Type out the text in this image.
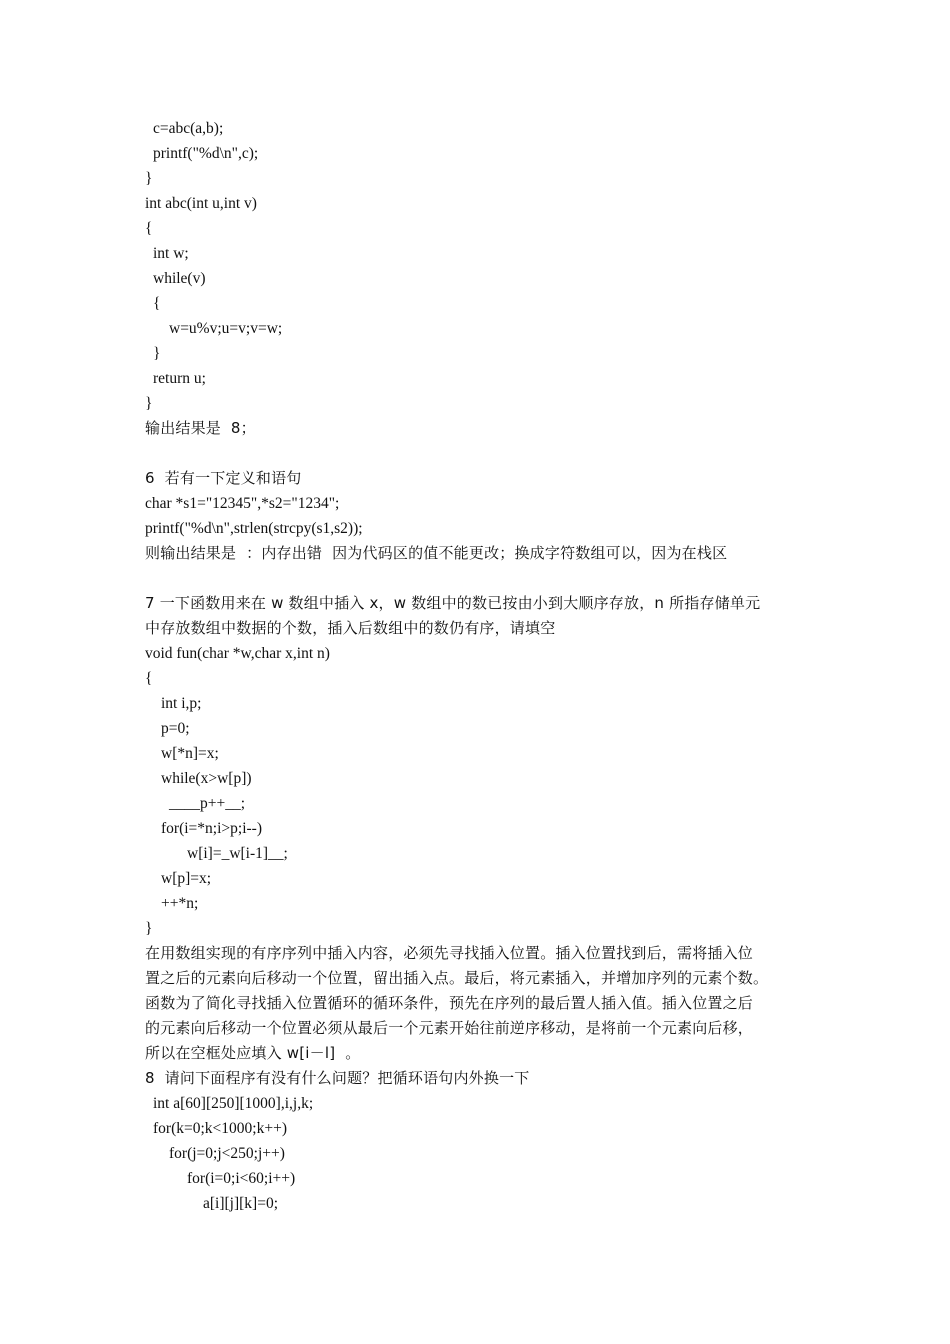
c=abc(a,b);
printf("%d\n",c);
}
int abc(int u,int v)
{
int w;
while(v)
{
w=u%v;u=v;v=w;
}
return u;
}
输出结果是  8；
6  若有一下定义和语句
char *s1="12345",*s2="1234";
printf("%d\n",strlen(strcpy(s1,s2));
则输出结果是  ：内存出错  因为代码区的值不能更改；换成字符数组可以，因为在栈区
7 一下函数用来在 w 数组中插入 x，w 数组中的数已按由小到大顺序存放，n 所指存储单元
中存放数组中数据的个数，插入后数组中的数仍有序，请填空
void fun(char *w,char x,int n)
{
int i,p;
p=0;
w[*n]=x;
while(x>w[p])
____p++__;
for(i=*n;i>p;i--)
w[i]=_w[i-1]__;
w[p]=x;
++*n;
}
在用数组实现的有序序列中插入内容，必须先寻找插入位置。插入位置找到后，需将插入位
置之后的元素向后移动一个位置，留出插入点。最后，将元素插入，并增加序列的元素个数。
函数为了简化寻找插入位置循环的循环条件，预先在序列的最后置人插入值。插入位置之后
的元素向后移动一个位置必须从最后一个元素开始往前逆序移动，是将前一个元素向后移，
所以在空框处应填入 w[i－l]  。
8  请问下面程序有没有什么问题？把循环语句内外换一下
int a[60][250][1000],i,j,k;
for(k=0;k<1000;k++)
for(j=0;j<250;j++)
for(i=0;i<60;i++)
a[i][j][k]=0;
